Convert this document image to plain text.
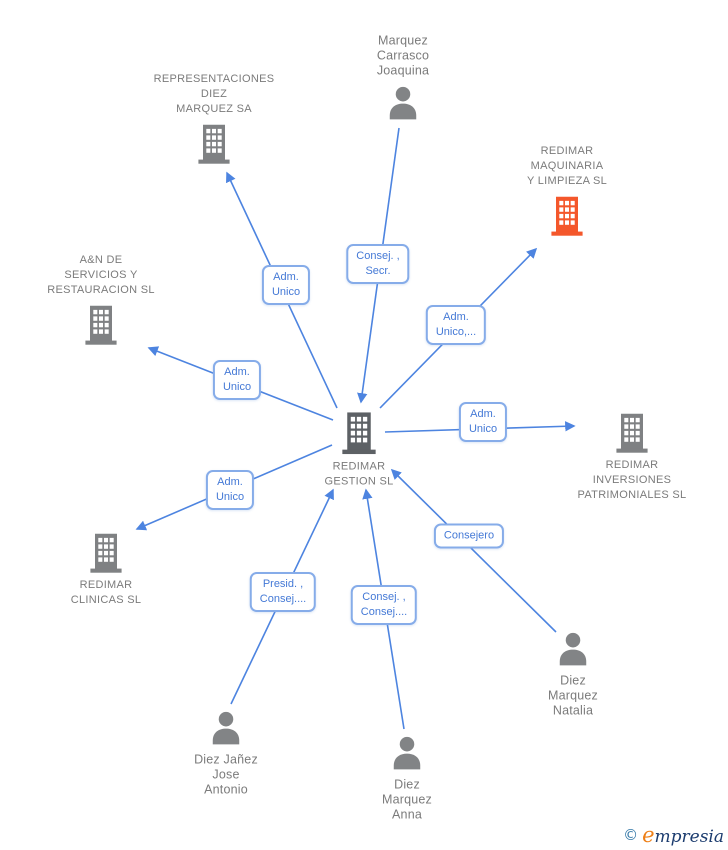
© empresia
Marquez
Carrasco
Joaquina
REPRESENTACIONES
DIEZ
MARQUEZ SA
REDIMAR
MAQUINARIA
Y LIMPIEZA SL
A&N DE
SERVICIOS Y
RESTAURACION SL
REDIMAR
GESTION SL
REDIMAR
INVERSIONES
PATRIMONIALES SL
REDIMAR
CLINICAS SL
Diez Jañez
Jose
Antonio	Diez
Marquez
Anna
Diez
Marquez
Natalia
Consej. ,
Secr.
Adm.
Unico
Adm.
Unico,...
Adm.
Unico
Adm.
Unico
Adm.
Unico
Presid. ,
Consej....	Consej. ,
Consej....
Consejero
